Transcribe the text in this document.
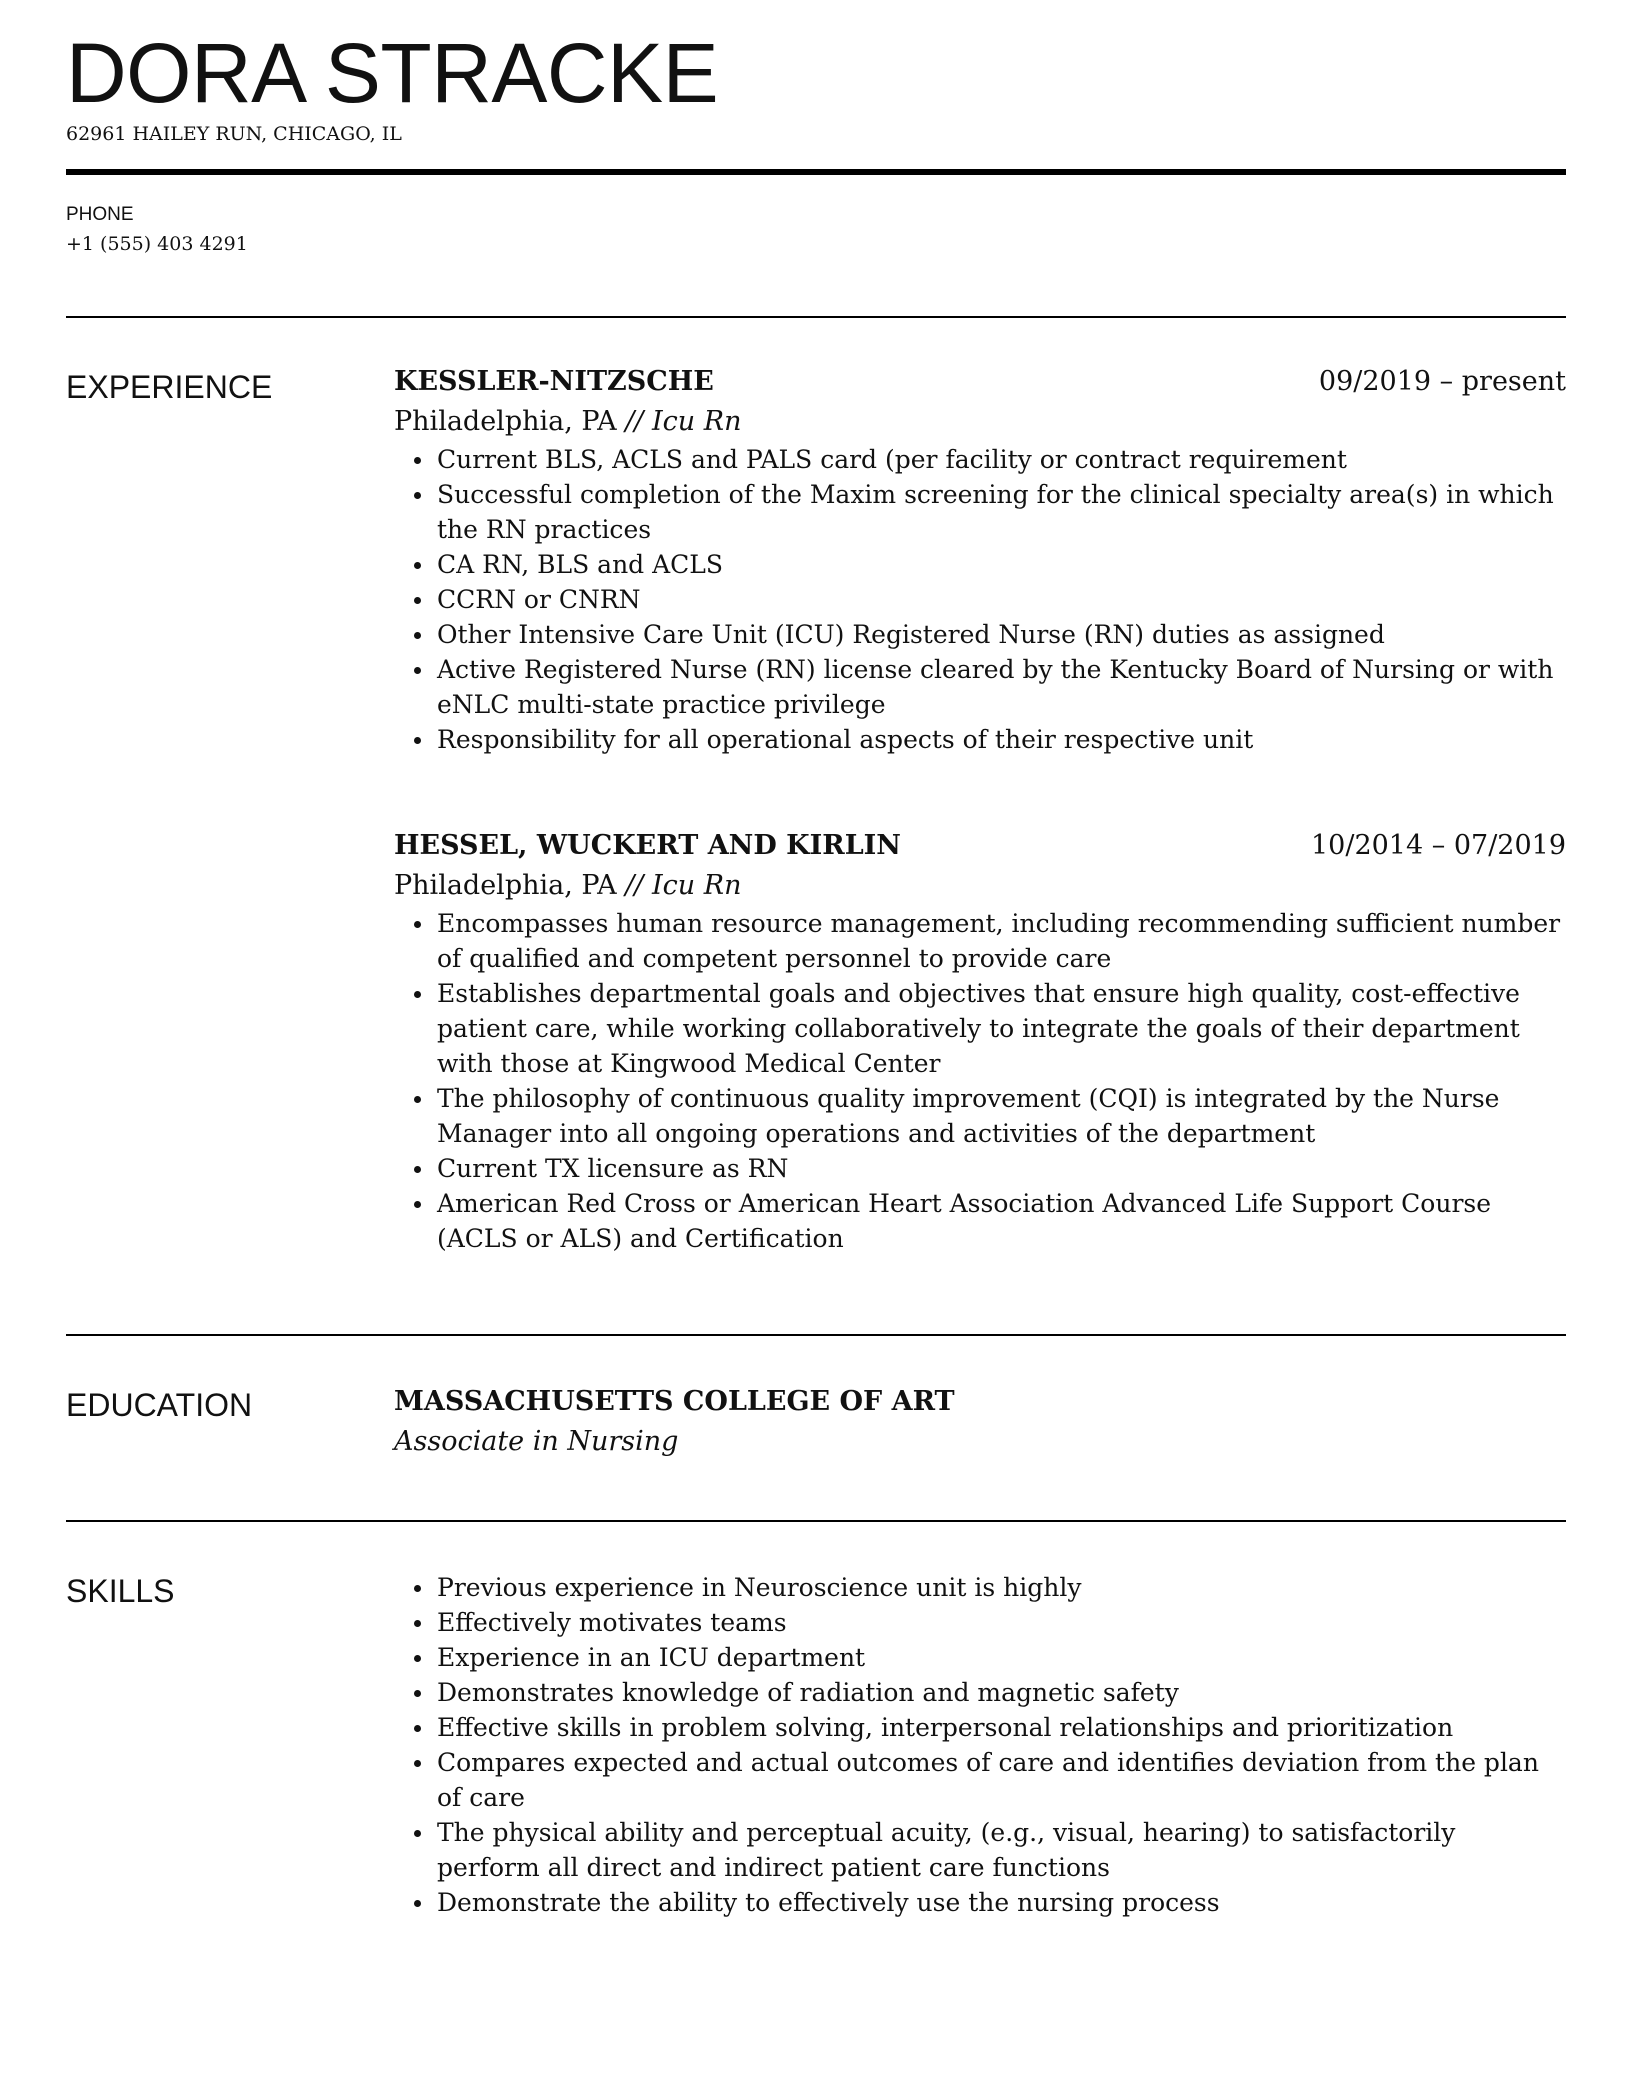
DORA STRACKE
62961 HAILEY RUN, CHICAGO, IL
PHONE
+1 (555) 403 4291
EXPERIENCE	KESSLER-NITZSCHE	09/2019 – present
Philadelphia, PA // Icu Rn
Current BLS, ACLS and PALS card (per facility or contract requirement
Successful completion of the Maxim screening for the clinical specialty area(s) in which the RN practices
CA RN, BLS and ACLS
CCRN or CNRN
Other Intensive Care Unit (ICU) Registered Nurse (RN) duties as assigned
Active Registered Nurse (RN) license cleared by the Kentucky Board of Nursing or with eNLC multi-state practice privilege
Responsibility for all operational aspects of their respective unit
HESSEL, WUCKERT AND KIRLIN	10/2014 – 07/2019
Philadelphia, PA // Icu Rn
Encompasses human resource management, including recommending sufficient number of qualified and competent personnel to provide care
Establishes departmental goals and objectives that ensure high quality, cost-effective patient care, while working collaboratively to integrate the goals of their department with those at Kingwood Medical Center
The philosophy of continuous quality improvement (CQI) is integrated by the Nurse Manager into all ongoing operations and activities of the department
Current TX licensure as RN
American Red Cross or American Heart Association Advanced Life Support Course (ACLS or ALS) and Certification
EDUCATION	MASSACHUSETTS COLLEGE OF ART
Associate in Nursing
SKILLS	Previous experience in Neuroscience unit is highly
Effectively motivates teams
Experience in an ICU department
Demonstrates knowledge of radiation and magnetic safety
Effective skills in problem solving, interpersonal relationships and prioritization
Compares expected and actual outcomes of care and identifies deviation from the plan of care
The physical ability and perceptual acuity, (e.g., visual, hearing) to satisfactorily perform all direct and indirect patient care functions
Demonstrate the ability to effectively use the nursing process
